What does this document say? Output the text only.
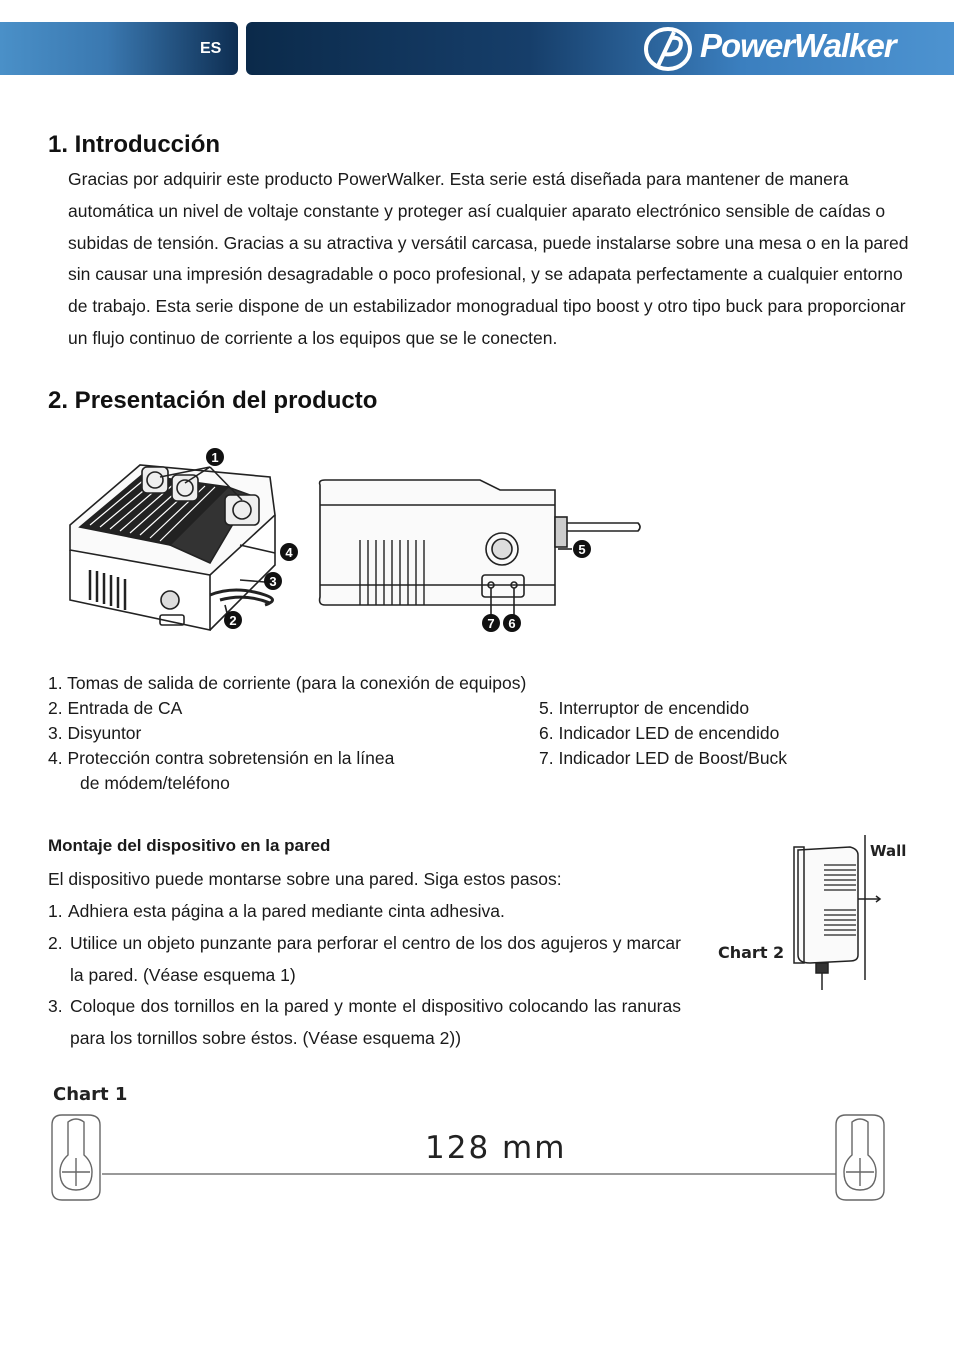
ES	PowerWalker
1. Introducción
Gracias por adquirir este producto PowerWalker. Esta serie está diseñada para mantener de manera automática un nivel de voltaje constante y proteger así cualquier aparato electrónico sensible de caídas o subidas de tensión. Gracias a su atractiva y versátil carcasa, puede instalarse sobre una mesa o en la pared sin causar una impresión desagradable o poco profesional, y se adapata perfectamente a cualquier entorno de trabajo. Esta serie dispone de un estabilizador monogradual tipo boost y otro tipo buck para proporcionar un flujo continuo de corriente a los equipos que se le conecten.
2. Presentación del producto
1
4
3
2
5
7 6
1. Tomas de salida de corriente (para la conexión de equipos)
2. Entrada de CA
3. Disyuntor
4. Protección contra sobretensión en la línea
de módem/teléfono
5. Interruptor de encendido
6. Indicador LED de encendido
7. Indicador LED de Boost/Buck
Montaje del dispositivo en la pared
El dispositivo puede montarse sobre una pared. Siga estos pasos:
1. Adhiera esta página a la pared mediante cinta adhesiva.
2. Utilice un objeto punzante para perforar el centro de los dos agujeros y marcar la pared. (Véase esquema 1)
3. Coloque dos tornillos en la pared y monte el dispositivo colocando las ranuras para los tornillos sobre éstos. (Véase esquema 2))
Chart 2
Wall
Chart 1
128 mm
